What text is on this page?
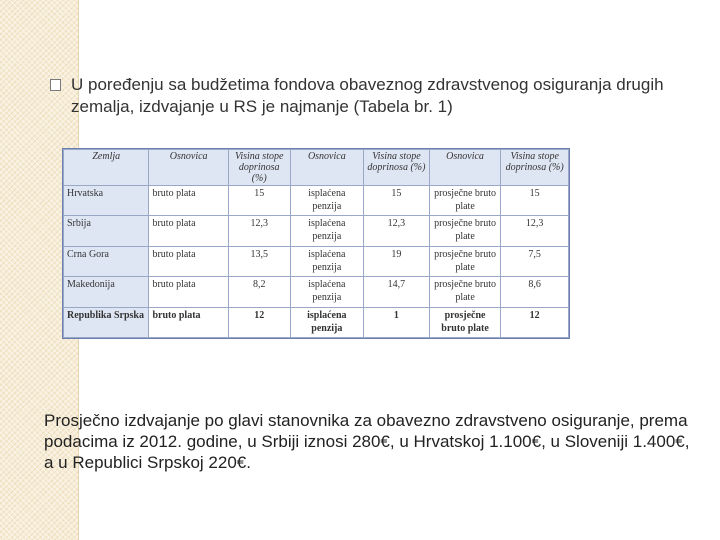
U poređenju sa budžetima fondova obaveznog zdravstvenog osiguranja drugih zemalja, izdvajanje u RS je najmanje (Tabela br. 1)
Zemlja	Osnovica	Visina stope doprinosa (%)	Osnovica	Visina stope doprinosa (%)	Osnovica	Visina stope doprinosa (%)
Hrvatska	bruto plata	15	isplaćena penzija	15	prosječne bruto plate	15
Srbija	bruto plata	12,3	isplaćena penzija	12,3	prosječne bruto plate	12,3
Crna Gora	bruto plata	13,5	isplaćena penzija	19	prosječne bruto plate	7,5
Makedonija	bruto plata	8,2	isplaćena penzija	14,7	prosječne bruto plate	8,6
Republika Srpska	bruto plata	12	isplaćena penzija	1	prosječne bruto plate	12
Prosječno izdvajanje po glavi stanovnika za obavezno zdravstveno osiguranje, prema podacima iz 2012. godine, u Srbiji iznosi 280€, u Hrvatskoj 1.100€, u Sloveniji 1.400€, a u Republici Srpskoj 220€.
